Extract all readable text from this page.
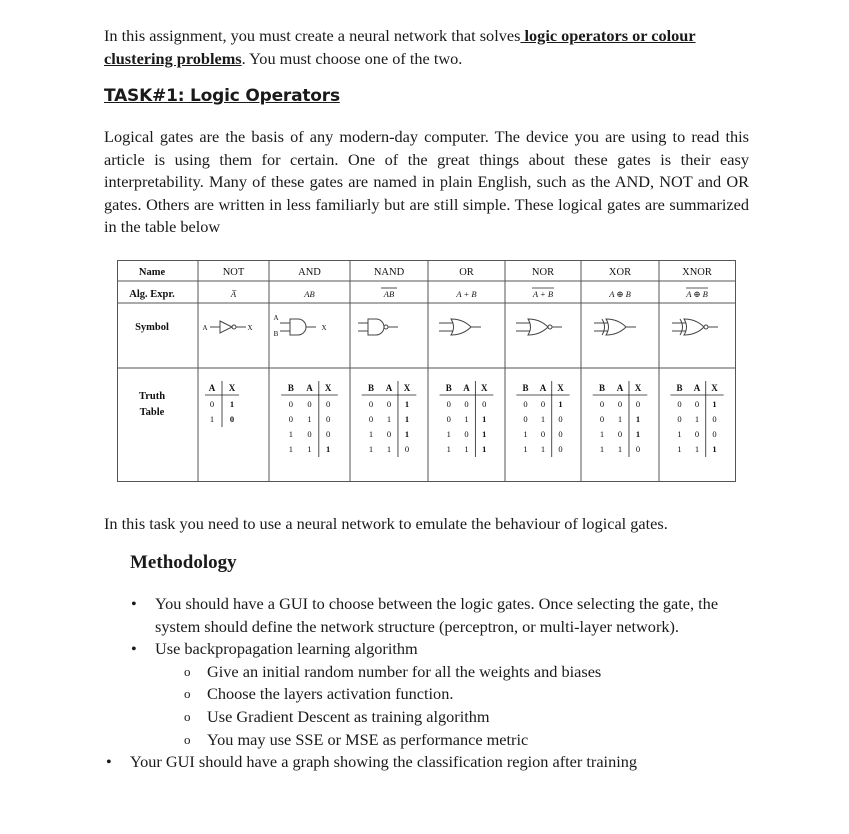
In this assignment, you must create a neural network that solves logic operators or colour
clustering problems. You must choose one of the two.

TASK#1: Logic Operators

Logical gates are the basis of any modern-day computer. The device you are using to read this article is using them for certain. One of the great things about these gates is their easy interpretability. Many of these gates are named in plain English, such as the AND, NOT and OR gates. Others are written in less familiarly but are still simple. These logical gates are summarized in the table below

Name
Alg. Expr.
Symbol
Truth
Table
NOT
A̅
AND
AB
NAND
AB
OR
A + B
NOR
A + B
XOR
A ⊕ B
XNOR
A ⊕ B
A	X
A
B
X
A X
0 1
1 0
B A X
0 0 0
0 1 0
1 0 0
1 1 1
B A X
0 0 1
0 1 1
1 0 1
1 1 0
B A X
0 0 0
0 1 1
1 0 1
1 1 1
B A X
0 0 1
0 1 0
1 0 0
1 1 0
B A X
0 0 0
0 1 1
1 0 1
1 1 0
B A X
0 0 1
0 1 0
1 0 0
1 1 1

In this task you need to use a neural network to emulate the behaviour of logical gates.

Methodology
• You should have a GUI to choose between the logic gates. Once selecting the gate, the system should define the network structure (perceptron, or multi-layer network).
• Use backpropagation learning algorithm
o Give an initial random number for all the weights and biases
o Choose the layers activation function.
o Use Gradient Descent as training algorithm
o You may use SSE or MSE as performance metric
• Your GUI should have a graph showing the classification region after training
